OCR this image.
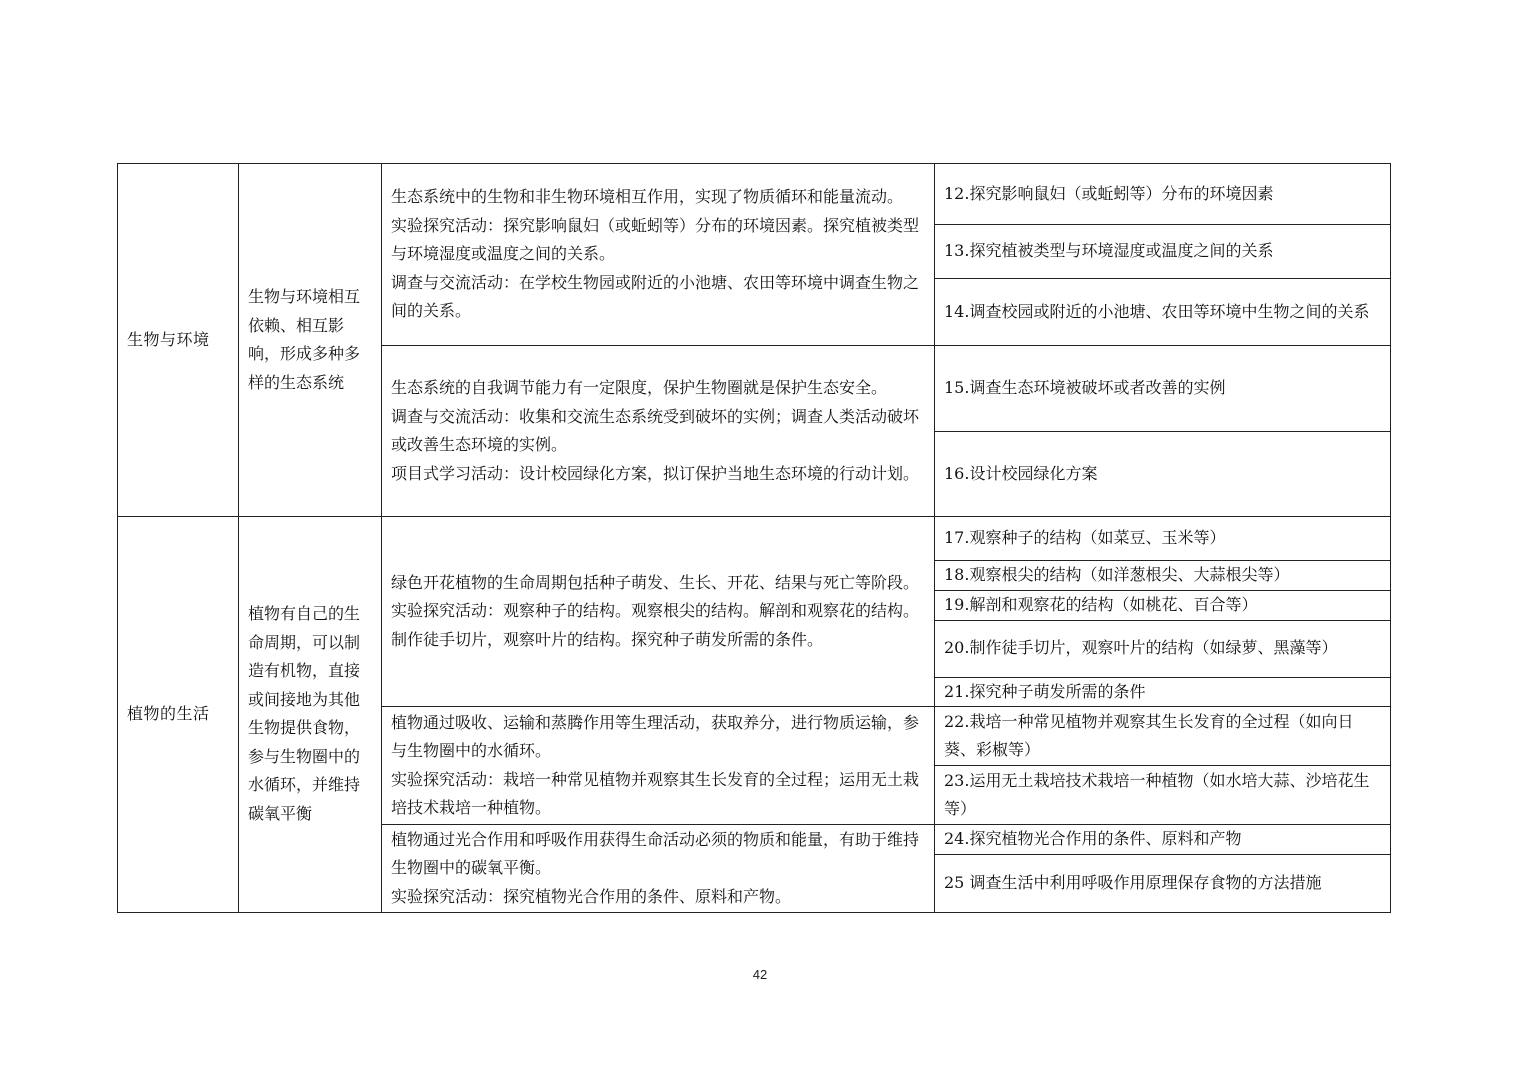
生物与环境	生物与环境相互依赖、相互影响，形成多种多样的生态系统	生态系统中的生物和非生物环境相互作用，实现了物质循环和能量流动。
实验探究活动：探究影响鼠妇（或蚯蚓等）分布的环境因素。探究植被类型与环境湿度或温度之间的关系。
调查与交流活动：在学校生物园或附近的小池塘、农田等环境中调查生物之间的关系。	12.探究影响鼠妇（或蚯蚓等）分布的环境因素
			13.探究植被类型与环境湿度或温度之间的关系
			14.调查校园或附近的小池塘、农田等环境中生物之间的关系

		生态系统的自我调节能力有一定限度，保护生物圈就是保护生态安全。
调查与交流活动：收集和交流生态系统受到破坏的实例；调查人类活动破坏或改善生态环境的实例。
项目式学习活动：设计校园绿化方案，拟订保护当地生态环境的行动计划。	15.调查生态环境被破坏或者改善的实例
			16.设计校园绿化方案
植物的生活	植物有自己的生命周期，可以制造有机物，直接或间接地为其他生物提供食物，参与生物圈中的水循环，并维持碳氧平衡	绿色开花植物的生命周期包括种子萌发、生长、开花、结果与死亡等阶段。
实验探究活动：观察种子的结构。观察根尖的结构。解剖和观察花的结构。制作徒手切片，观察叶片的结构。探究种子萌发所需的条件。	17.观察种子的结构（如菜豆、玉米等）
			18.观察根尖的结构（如洋葱根尖、大蒜根尖等）
			19.解剖和观察花的结构（如桃花、百合等）
			20.制作徒手切片，观察叶片的结构（如绿萝、黑藻等）
			21.探究种子萌发所需的条件

		植物通过吸收、运输和蒸腾作用等生理活动，获取养分，进行物质运输，参与生物圈中的水循环。
实验探究活动：栽培一种常见植物并观察其生长发育的全过程；运用无土栽培技术栽培一种植物。	22.栽培一种常见植物并观察其生长发育的全过程（如向日葵、彩椒等）
			23.运用无土栽培技术栽培一种植物（如水培大蒜、沙培花生等）

		植物通过光合作用和呼吸作用获得生命活动必须的物质和能量，有助于维持生物圈中的碳氧平衡。
实验探究活动：探究植物光合作用的条件、原料和产物。	24.探究植物光合作用的条件、原料和产物
			25 调查生活中利用呼吸作用原理保存食物的方法措施

42
